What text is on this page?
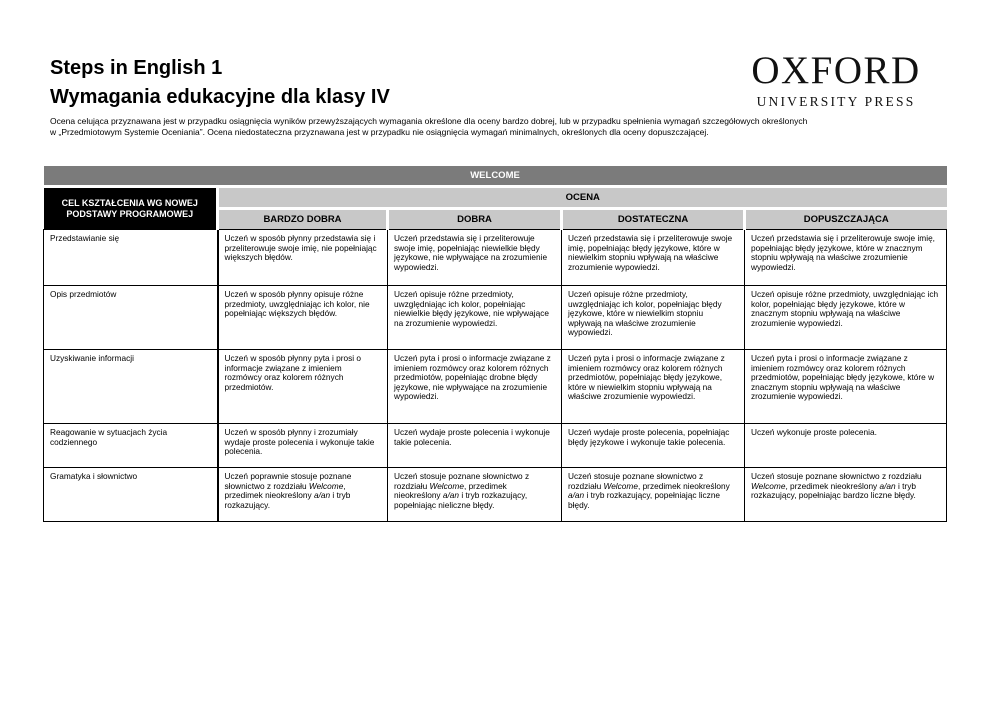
Steps in English 1
Wymagania edukacyjne dla klasy IV
OXFORD
UNIVERSITY PRESS
Ocena celująca przyznawana jest w przypadku osiągnięcia wyników przewyższających wymagania określone dla oceny bardzo dobrej, lub w przypadku spełnienia wymagań szczegółowych określonych
w „Przedmiotowym Systemie Oceniania”. Ocena niedostateczna przyznawana jest w przypadku nie osiągnięcia wymagań minimalnych, określonych dla oceny dopuszczającej.
WELCOME				
CEL KSZTAŁCENIA WG NOWEJ PODSTAWY PROGRAMOWEJ	OCENA			
	BARDZO DOBRA	DOBRA	DOSTATECZNA	DOPUSZCZAJĄCA
Przedstawianie się	Uczeń w sposób płynny przedstawia się i przeliterowuje swoje imię, nie popełniając większych błędów.	Uczeń przedstawia się i przeliterowuje swoje imię, popełniając niewielkie błędy językowe, nie wpływające na zrozumienie wypowiedzi.	Uczeń przedstawia się i przeliterowuje swoje imię, popełniając błędy językowe, które w niewielkim stopniu wpływają na właściwe zrozumienie wypowiedzi.	Uczeń przedstawia się i przeliterowuje swoje imię, popełniając błędy językowe, które w znacznym stopniu wpływają na właściwe zrozumienie wypowiedzi.
Opis przedmiotów	Uczeń w sposób płynny opisuje różne przedmioty, uwzględniając ich kolor, nie popełniając większych błędów.	Uczeń opisuje różne przedmioty, uwzględniając ich kolor, popełniając niewielkie błędy językowe, nie wpływające na zrozumienie wypowiedzi.	Uczeń opisuje różne przedmioty, uwzględniając ich kolor, popełniając błędy językowe, które w niewielkim stopniu wpływają na właściwe zrozumienie wypowiedzi.	Uczeń opisuje różne przedmioty, uwzględniając ich kolor, popełniając błędy językowe, które w znacznym stopniu wpływają na właściwe zrozumienie wypowiedzi.
Uzyskiwanie informacji	Uczeń w sposób płynny pyta i prosi o informacje związane z imieniem rozmówcy oraz kolorem różnych przedmiotów.	Uczeń pyta i prosi o informacje związane z imieniem rozmówcy oraz kolorem różnych przedmiotów, popełniając drobne błędy językowe, nie wpływające na zrozumienie wypowiedzi.	Uczeń pyta i prosi o informacje związane z imieniem rozmówcy oraz kolorem różnych przedmiotów, popełniając błędy językowe, które w niewielkim stopniu wpływają na właściwe zrozumienie wypowiedzi.	Uczeń pyta i prosi o informacje związane z imieniem rozmówcy oraz kolorem różnych przedmiotów, popełniając błędy językowe, które w znacznym stopniu wpływają na właściwe zrozumienie wypowiedzi.
Reagowanie w sytuacjach życia codziennego	Uczeń w sposób płynny i zrozumiały wydaje proste polecenia i wykonuje takie polecenia.	Uczeń wydaje proste polecenia i wykonuje takie polecenia.	Uczeń wydaje proste polecenia, popełniając błędy językowe i wykonuje takie polecenia.	Uczeń wykonuje proste polecenia.
Gramatyka i słownictwo	Uczeń poprawnie stosuje poznane słownictwo z rozdziału Welcome, przedimek nieokreślony a/an i tryb rozkazujący.	Uczeń stosuje poznane słownictwo z rozdziału Welcome, przedimek nieokreślony a/an i tryb rozkazujący, popełniając nieliczne błędy.	Uczeń stosuje poznane słownictwo z rozdziału Welcome, przedimek nieokreślony a/an i tryb rozkazujący, popełniając liczne błędy.	Uczeń stosuje poznane słownictwo z rozdziału Welcome, przedimek nieokreślony a/an i tryb rozkazujący, popełniając bardzo liczne błędy.
